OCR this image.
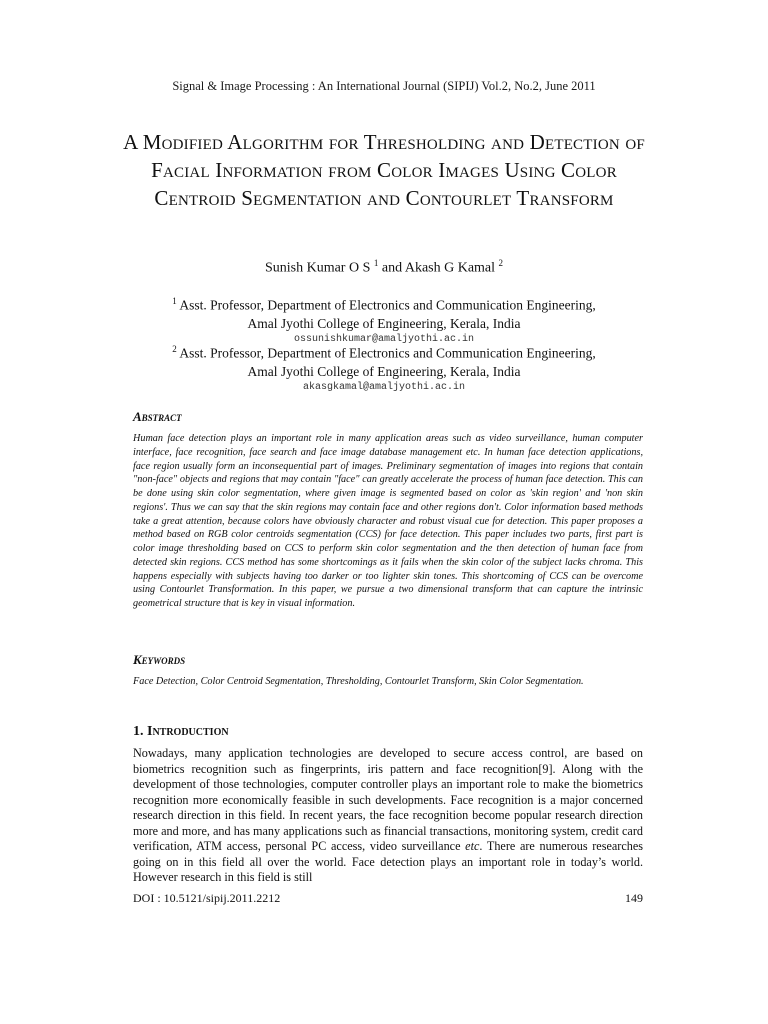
Signal & Image Processing : An International Journal (SIPIJ) Vol.2, No.2, June 2011
A Modified Algorithm for Thresholding and Detection of Facial Information from Color Images Using Color Centroid Segmentation and Contourlet Transform
Sunish Kumar O S $^1$ and Akash G Kamal $^2$
$^1$ Asst. Professor, Department of Electronics and Communication Engineering,
Amal Jyothi College of Engineering, Kerala, India
ossunishkumar@amaljyothi.ac.in
$^2$ Asst. Professor, Department of Electronics and Communication Engineering,
Amal Jyothi College of Engineering, Kerala, India
akasgkamal@amaljyothi.ac.in
Abstract
Human face detection plays an important role in many application areas such as video surveillance, human computer interface, face recognition, face search and face image database management etc. In human face detection applications, face region usually form an inconsequential part of images. Preliminary segmentation of images into regions that contain "non-face" objects and regions that may contain "face" can greatly accelerate the process of human face detection. This can be done using skin color segmentation, where given image is segmented based on color as 'skin region' and 'non skin regions'. Thus we can say that the skin regions may contain face and other regions don't. Color information based methods take a great attention, because colors have obviously character and robust visual cue for detection. This paper proposes a method based on RGB color centroids segmentation (CCS) for face detection. This paper includes two parts, first part is color image thresholding based on CCS to perform skin color segmentation and the then detection of human face from detected skin regions. CCS method has some shortcomings as it fails when the skin color of the subject lacks chroma. This happens especially with subjects having too darker or too lighter skin tones. This shortcoming of CCS can be overcome using Contourlet Transformation. In this paper, we pursue a two dimensional transform that can capture the intrinsic geometrical structure that is key in visual information.
Keywords
Face Detection, Color Centroid Segmentation, Thresholding, Contourlet Transform, Skin Color Segmentation.
1. Introduction
Nowadays, many application technologies are developed to secure access control, are based on biometrics recognition such as fingerprints, iris pattern and face recognition[9]. Along with the development of those technologies, computer controller plays an important role to make the biometrics recognition more economically feasible in such developments. Face recognition is a major concerned research direction in this field. In recent years, the face recognition become popular research direction more and more, and has many applications such as financial transactions, monitoring system, credit card verification, ATM access, personal PC access, video surveillance etc. There are numerous researches going on in this field all over the world. Face detection plays an important role in today’s world. However research in this field is still
DOI : 10.5121/sipij.2011.2212	149
